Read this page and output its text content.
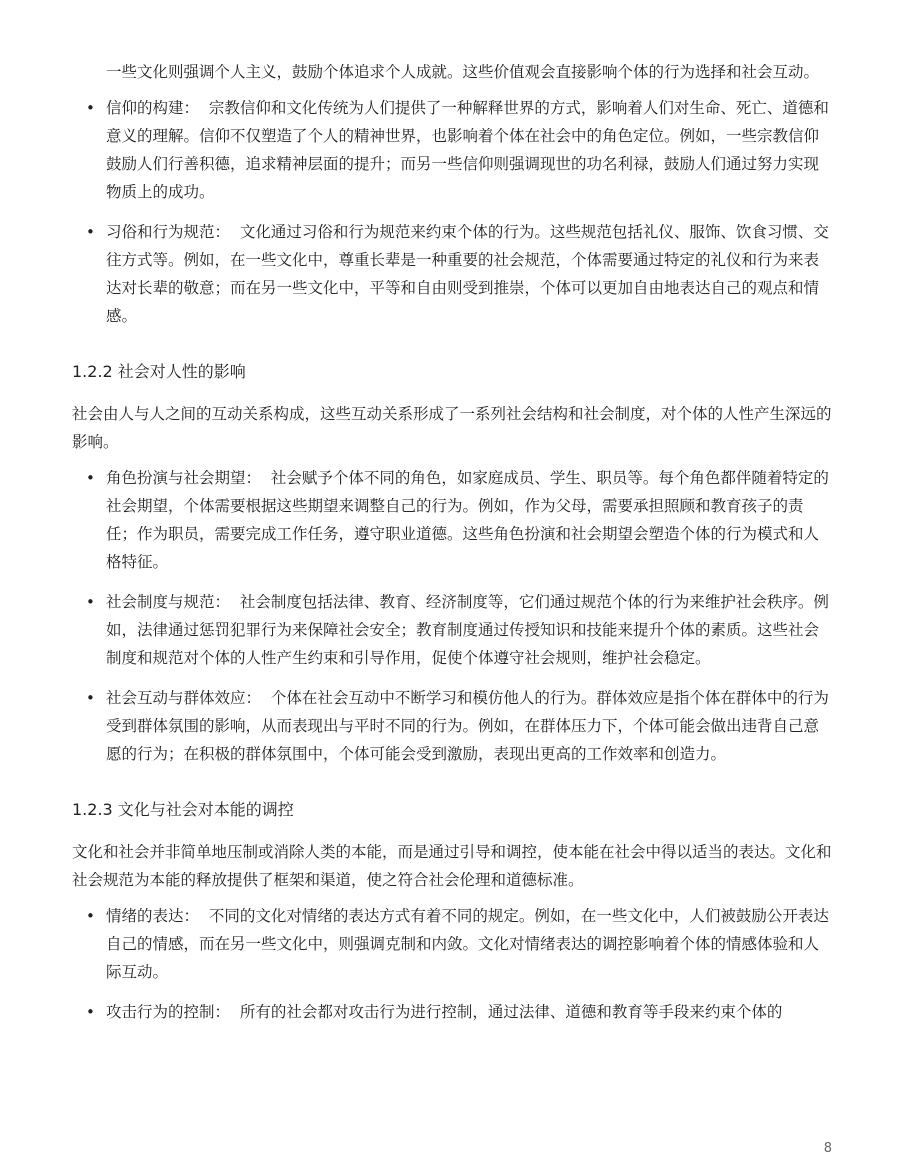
一些文化则强调个人主义，鼓励个体追求个人成就。这些价值观会直接影响个体的行为选择和社会互动。

• 信仰的构建： 宗教信仰和文化传统为人们提供了一种解释世界的方式，影响着人们对生命、死亡、道德和意义的理解。信仰不仅塑造了个人的精神世界，也影响着个体在社会中的角色定位。例如，一些宗教信仰鼓励人们行善积德，追求精神层面的提升；而另一些信仰则强调现世的功名利禄，鼓励人们通过努力实现物质上的成功。
• 习俗和行为规范： 文化通过习俗和行为规范来约束个体的行为。这些规范包括礼仪、服饰、饮食习惯、交往方式等。例如，在一些文化中，尊重长辈是一种重要的社会规范，个体需要通过特定的礼仪和行为来表达对长辈的敬意；而在另一些文化中，平等和自由则受到推崇，个体可以更加自由地表达自己的观点和情感。
1.2.2 社会对人性的影响

社会由人与人之间的互动关系构成，这些互动关系形成了一系列社会结构和社会制度，对个体的人性产生深远的影响。

• 角色扮演与社会期望： 社会赋予个体不同的角色，如家庭成员、学生、职员等。每个角色都伴随着特定的社会期望，个体需要根据这些期望来调整自己的行为。例如，作为父母，需要承担照顾和教育孩子的责任；作为职员，需要完成工作任务，遵守职业道德。这些角色扮演和社会期望会塑造个体的行为模式和人格特征。
• 社会制度与规范： 社会制度包括法律、教育、经济制度等，它们通过规范个体的行为来维护社会秩序。例如，法律通过惩罚犯罪行为来保障社会安全；教育制度通过传授知识和技能来提升个体的素质。这些社会制度和规范对个体的人性产生约束和引导作用，促使个体遵守社会规则，维护社会稳定。
• 社会互动与群体效应： 个体在社会互动中不断学习和模仿他人的行为。群体效应是指个体在群体中的行为受到群体氛围的影响，从而表现出与平时不同的行为。例如，在群体压力下，个体可能会做出违背自己意愿的行为；在积极的群体氛围中，个体可能会受到激励，表现出更高的工作效率和创造力。
1.2.3 文化与社会对本能的调控

文化和社会并非简单地压制或消除人类的本能，而是通过引导和调控，使本能在社会中得以适当的表达。文化和社会规范为本能的释放提供了框架和渠道，使之符合社会伦理和道德标准。

• 情绪的表达： 不同的文化对情绪的表达方式有着不同的规定。例如，在一些文化中，人们被鼓励公开表达自己的情感，而在另一些文化中，则强调克制和内敛。文化对情绪表达的调控影响着个体的情感体验和人际互动。
• 攻击行为的控制： 所有的社会都对攻击行为进行控制，通过法律、道德和教育等手段来约束个体的
8
